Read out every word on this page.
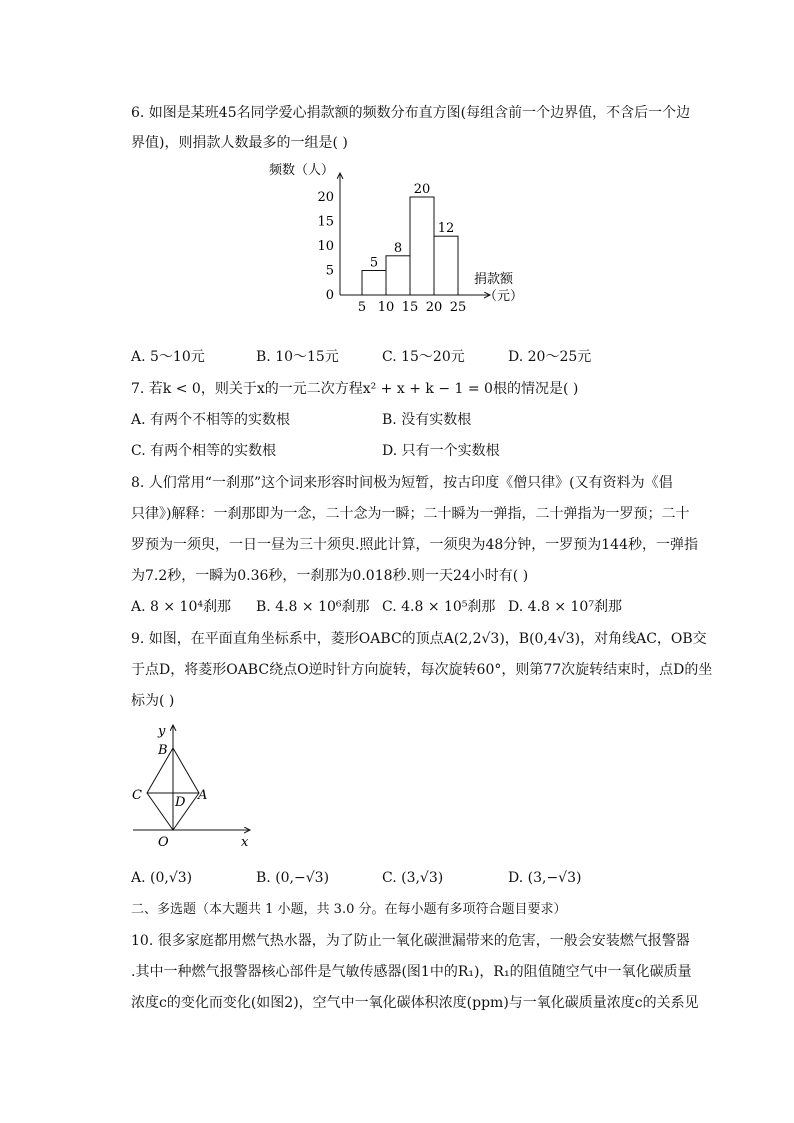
6. 如图是某班45名同学爱心捐款额的频数分布直方图(每组含前一个边界值，不含后一个边
界值)，则捐款人数最多的一组是( )
频数（人）
捐款额
（元）
5
8
20
12
0
5
10
15
20
5 10 15 20 25
A. 5～10元	B. 10～15元	C. 15～20元	D. 20～25元
7. 若k < 0，则关于x的一元二次方程x² + x + k − 1 = 0根的情况是( )
A. 有两个不相等的实数根	B. 没有实数根
C. 有两个相等的实数根	D. 只有一个实数根
8. 人们常用“一刹那”这个词来形容时间极为短暂，按古印度《僧只律》(又有资料为《倡
只律》)解释：一刹那即为一念，二十念为一瞬；二十瞬为一弹指，二十弹指为一罗预；二十
罗预为一须臾，一日一昼为三十须臾.照此计算，一须臾为48分钟，一罗预为144秒，一弹指
为7.2秒，一瞬为0.36秒，一刹那为0.018秒.则一天24小时有( )
A. 8 × 10⁴刹那 B. 4.8 × 10⁶刹那 C. 4.8 × 10⁵刹那 D. 4.8 × 10⁷刹那
9. 如图，在平面直角坐标系中，菱形OABC的顶点A(2,2√3)，B(0,4√3)，对角线AC，OB交
于点D，将菱形OABC绕点O逆时针方向旋转，每次旋转60°，则第77次旋转结束时，点D的坐
标为( )
y
B
C	D A
O	x
A. (0,√3)	B. (0,−√3)	C. (3,√3)	D. (3,−√3)
二、多选题（本大题共 1 小题，共 3.0 分。在每小题有多项符合题目要求）
10. 很多家庭都用燃气热水器，为了防止一氧化碳泄漏带来的危害，一般会安装燃气报警器
.其中一种燃气报警器核心部件是气敏传感器(图1中的R₁)，R₁的阻值随空气中一氧化碳质量
浓度c的变化而变化(如图2)，空气中一氧化碳体积浓度(ppm)与一氧化碳质量浓度c的关系见
